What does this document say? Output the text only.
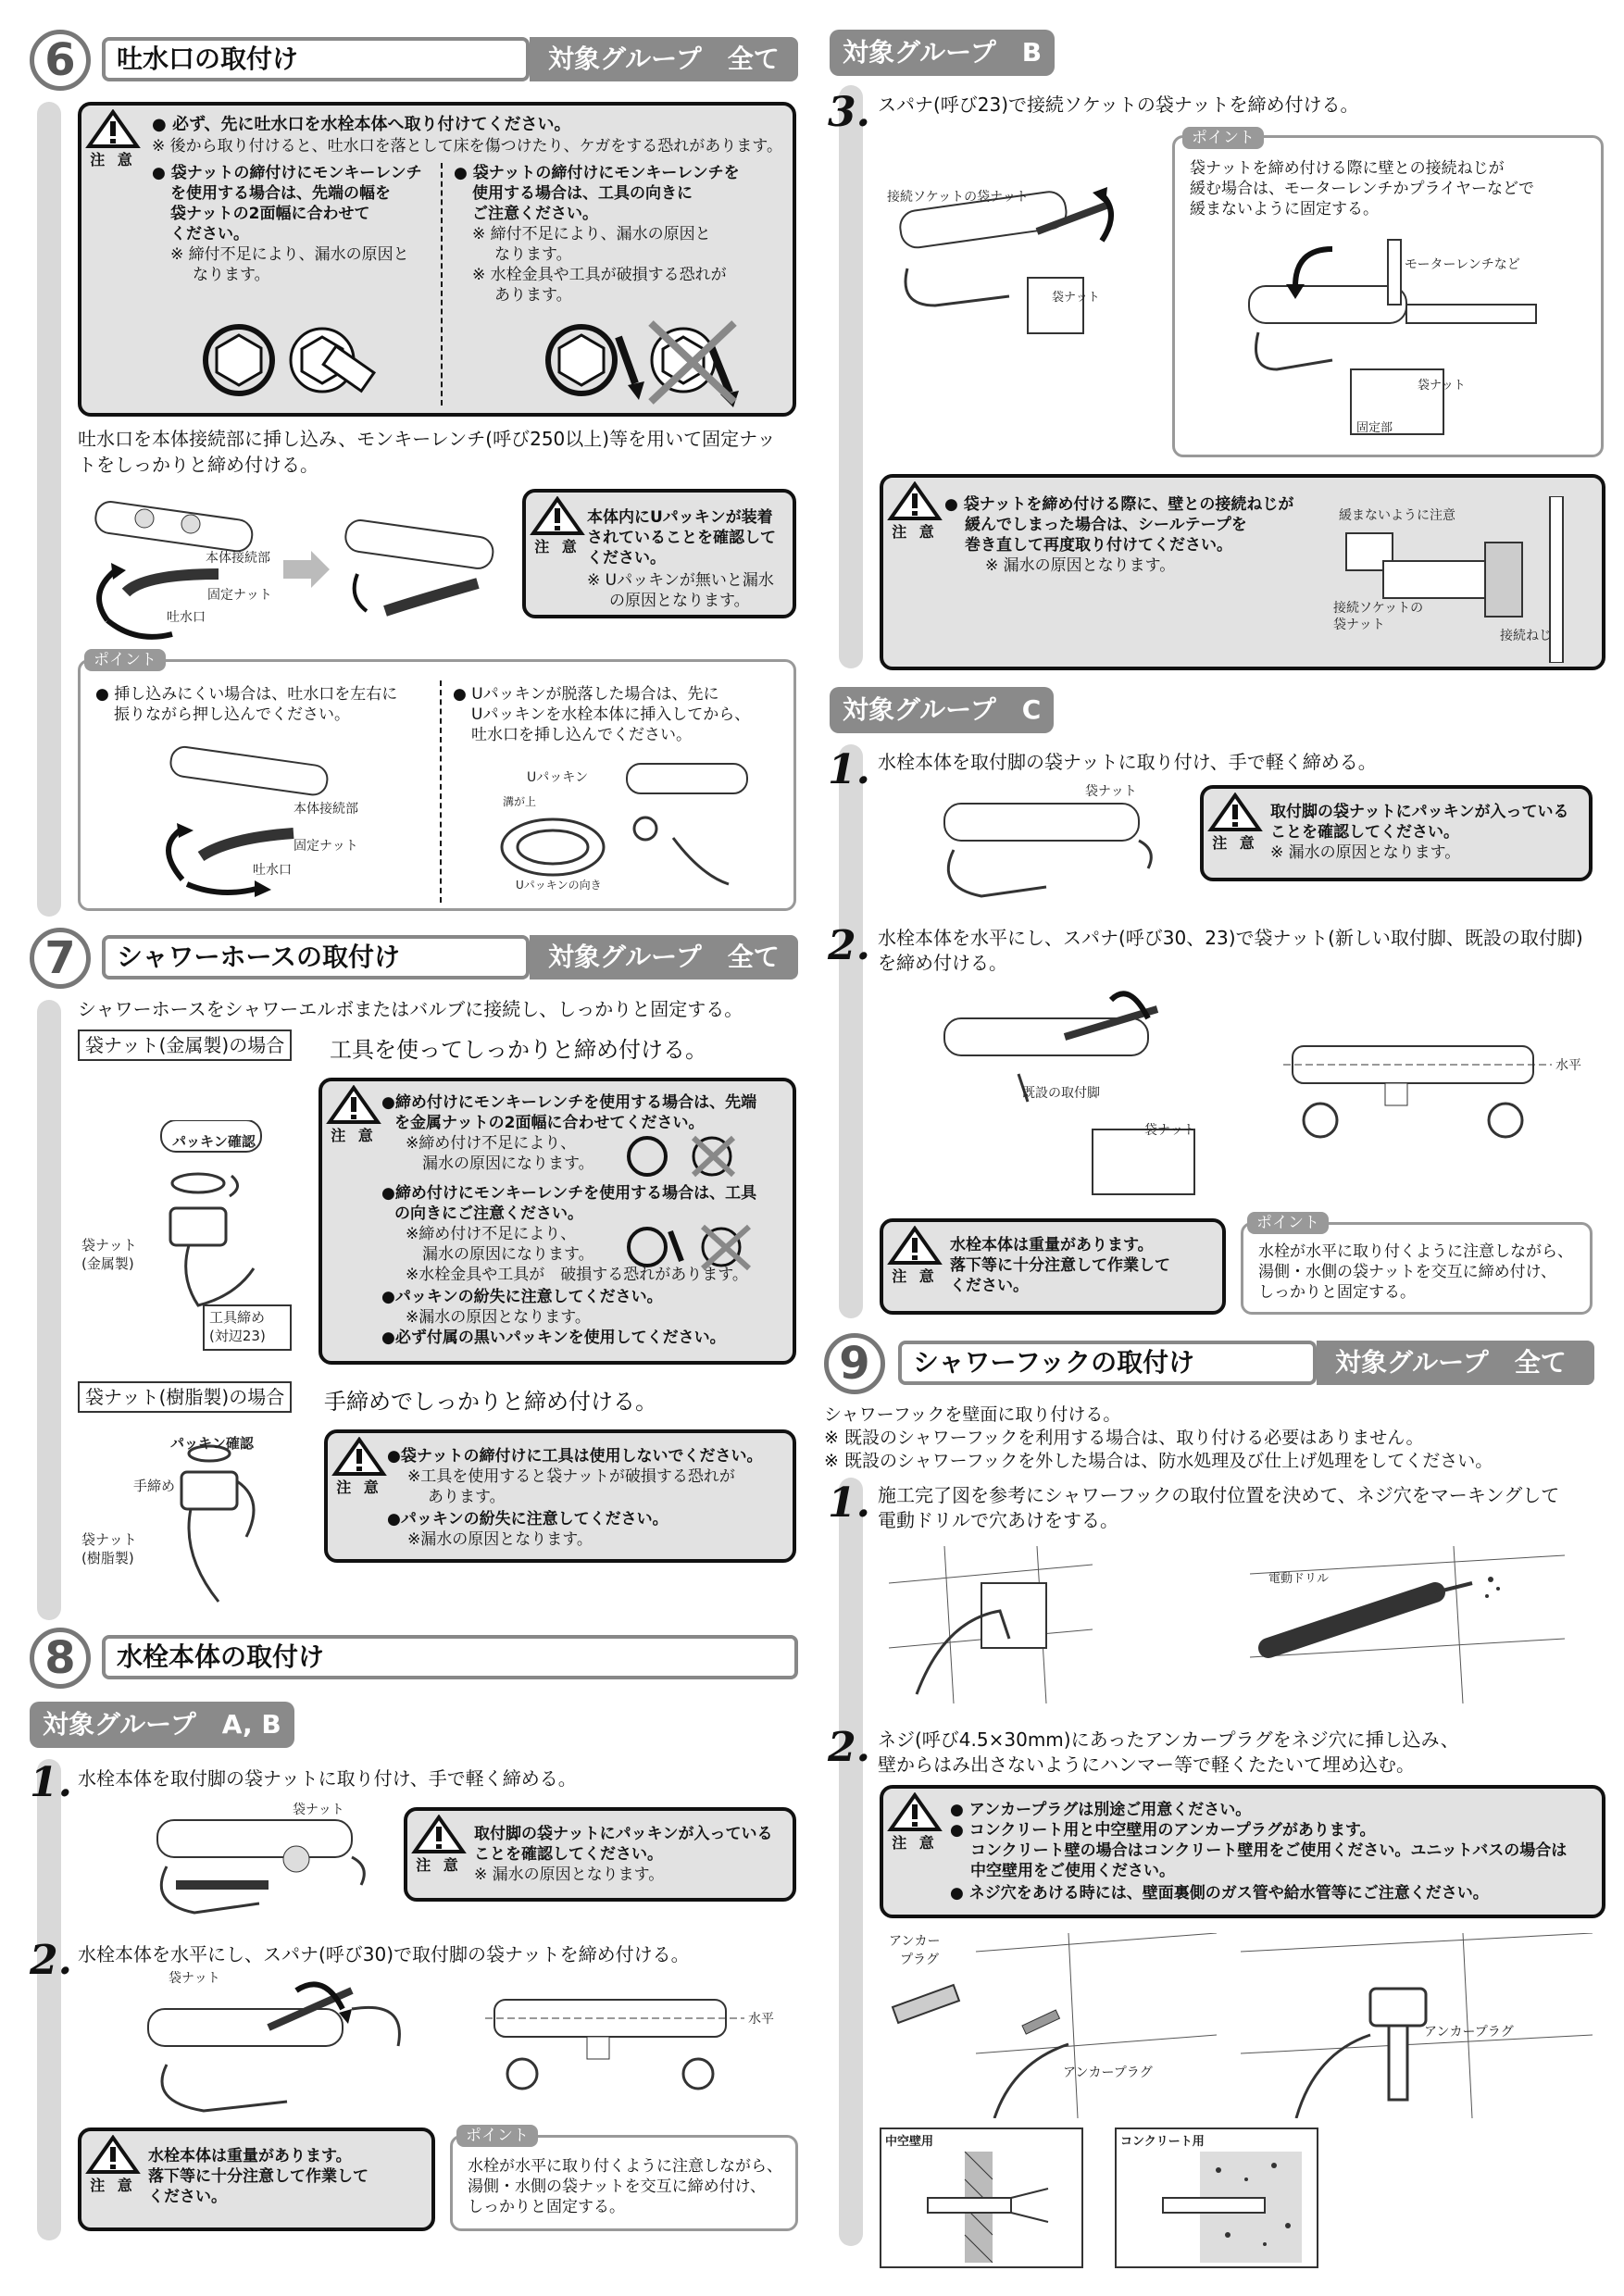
6	吐水口の取付け	対象グループ　全て
注 意
● 必ず、先に吐水口を水栓本体へ取り付けてください。
※ 後から取り付けると、吐水口を落として床を傷つけたり、ケガをする恐れがあります。
● 袋ナットの締付けにモンキーレンチ
を使用する場合は、先端の幅を
袋ナットの2面幅に合わせて
ください。
※ 締付不足により、漏水の原因と
なります。
● 袋ナットの締付けにモンキーレンチを
使用する場合は、工具の向きに
ご注意ください。
※ 締付不足により、漏水の原因と
なります。
※ 水栓金具や工具が破損する恐れが
あります。
吐水口を本体接続部に挿し込み、モンキーレンチ(呼び250以上)等を用いて固定ナッ
トをしっかりと締め付ける。
本体接続部
固定ナット
吐水口
注 意
本体内にUパッキンが装着
されていることを確認して
ください。
※ Uパッキンが無いと漏水
の原因となります。
ポイント
● 挿し込みにくい場合は、吐水口を左右に
振りながら押し込んでください。
● Uパッキンが脱落した場合は、先に
Uパッキンを水栓本体に挿入してから、
吐水口を挿し込んでください。
本体接続部
固定ナット
吐水口
Uパッキン
溝が上
Uパッキンの向き
7	シャワーホースの取付け	対象グループ　全て
シャワーホースをシャワーエルボまたはバルブに接続し、しっかりと固定する。
袋ナット(金属製)の場合	工具を使ってしっかりと締め付ける。
パッキン確認
袋ナット
(金属製)
工具締め
(対辺23)
注 意
●締め付けにモンキーレンチを使用する場合は、先端
を金属ナットの2面幅に合わせてください。
※締め付け不足により、
漏水の原因になります。
●締め付けにモンキーレンチを使用する場合は、工具
の向きにご注意ください。
※締め付け不足により、
漏水の原因になります。
※水栓金具や工具が　破損する恐れがあります。
●パッキンの紛失に注意してください。
※漏水の原因となります。
●必ず付属の黒いパッキンを使用してください。
袋ナット(樹脂製)の場合	手締めでしっかりと締め付ける。
パッキン確認
手締め
袋ナット
(樹脂製)
注 意
●袋ナットの締付けに工具は使用しないでください。
※工具を使用すると袋ナットが破損する恐れが
あります。
●パッキンの紛失に注意してください。
※漏水の原因となります。
8	水栓本体の取付け
対象グループ　A, B
1. 水栓本体を取付脚の袋ナットに取り付け、手で軽く締める。
袋ナット
注 意
取付脚の袋ナットにパッキンが入っている
ことを確認してください。
※ 漏水の原因となります。
2. 水栓本体を水平にし、スパナ(呼び30)で取付脚の袋ナットを締め付ける。
袋ナット
水平
注 意
水栓本体は重量があります。
落下等に十分注意して作業して
ください。
ポイント
水栓が水平に取り付くように注意しながら、
湯側・水側の袋ナットを交互に締め付け、
しっかりと固定する。
対象グループ　B
3. スパナ(呼び23)で接続ソケットの袋ナットを締め付ける。
接続ソケットの袋ナット
袋ナット
ポイント
袋ナットを締め付ける際に壁との接続ねじが
緩む場合は、モーターレンチかプライヤーなどで
緩まないように固定する。
モーターレンチなど
袋ナット
固定部
注 意
● 袋ナットを締め付ける際に、壁との接続ねじが
緩んでしまった場合は、シールテープを
巻き直して再度取り付けてください。
※ 漏水の原因となります。
緩まないように注意
接続ソケットの
袋ナット
接続ねじ
対象グループ　C
1. 水栓本体を取付脚の袋ナットに取り付け、手で軽く締める。
袋ナット
注 意
取付脚の袋ナットにパッキンが入っている
ことを確認してください。
※ 漏水の原因となります。
2. 水栓本体を水平にし、スパナ(呼び30、23)で袋ナット(新しい取付脚、既設の取付脚)
を締め付ける。
既設の取付脚
袋ナット
水平
注 意
水栓本体は重量があります。
落下等に十分注意して作業して
ください。
ポイント
水栓が水平に取り付くように注意しながら、
湯側・水側の袋ナットを交互に締め付け、
しっかりと固定する。
9	シャワーフックの取付け	対象グループ　全て
シャワーフックを壁面に取り付ける。
※ 既設のシャワーフックを利用する場合は、取り付ける必要はありません。
※ 既設のシャワーフックを外した場合は、防水処理及び仕上げ処理をしてください。
1. 施工完了図を参考にシャワーフックの取付位置を決めて、ネジ穴をマーキングして
電動ドリルで穴あけをする。
電動ドリル
2. ネジ(呼び4.5×30mm)にあったアンカープラグをネジ穴に挿し込み、
壁からはみ出さないようにハンマー等で軽くたたいて埋め込む。
注 意
● アンカープラグは別途ご用意ください。
● コンクリート用と中空壁用のアンカープラグがあります。
コンクリート壁の場合はコンクリート壁用をご使用ください。ユニットバスの場合は
中空壁用をご使用ください。
● ネジ穴をあける時には、壁面裏側のガス管や給水管等にご注意ください。
アンカー
プラグ
アンカープラグ
アンカープラグ
中空壁用	コンクリート用
